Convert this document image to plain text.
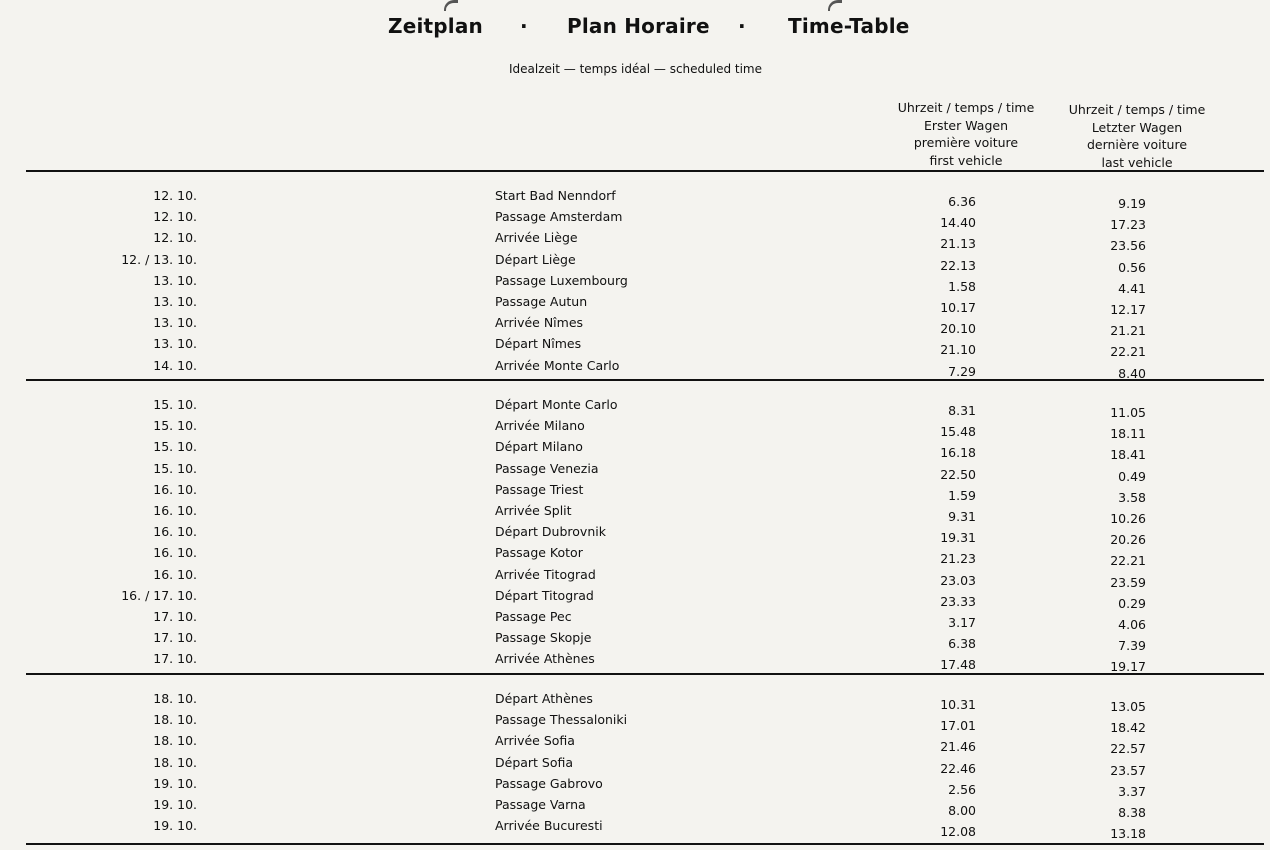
Zeitplan · Plan Horaire · Time-Table
Idealzeit — temps idéal — scheduled time
Uhrzeit / temps / time
Erster Wagen
première voiture
first vehicle
Uhrzeit / temps / time
Letzter Wagen
dernière voiture
last vehicle
12. 10.	Start Bad Nenndorf	6.36	9.19
12. 10.	Passage Amsterdam	14.40	17.23
12. 10.	Arrivée Liège	21.13	23.56
12. / 13. 10.	Départ Liège	22.13	0.56
13. 10.	Passage Luxembourg	1.58	4.41
13. 10.	Passage Autun	10.17	12.17
13. 10.	Arrivée Nîmes	20.10	21.21
13. 10.	Départ Nîmes	21.10	22.21
14. 10.	Arrivée Monte Carlo	7.29	8.40
15. 10.	Départ Monte Carlo	8.31	11.05
15. 10.	Arrivée Milano	15.48	18.11
15. 10.	Départ Milano	16.18	18.41
15. 10.	Passage Venezia	22.50	0.49
16. 10.	Passage Triest	1.59	3.58
16. 10.	Arrivée Split	9.31	10.26
16. 10.	Départ Dubrovnik	19.31	20.26
16. 10.	Passage Kotor	21.23	22.21
16. 10.	Arrivée Titograd	23.03	23.59
16. / 17. 10.	Départ Titograd	23.33	0.29
17. 10.	Passage Pec	3.17	4.06
17. 10.	Passage Skopje	6.38	7.39
17. 10.	Arrivée Athènes	17.48	19.17
18. 10.	Départ Athènes	10.31	13.05
18. 10.	Passage Thessaloniki	17.01	18.42
18. 10.	Arrivée Sofia	21.46	22.57
18. 10.	Départ Sofia	22.46	23.57
19. 10.	Passage Gabrovo	2.56	3.37
19. 10.	Passage Varna	8.00	8.38
19. 10.	Arrivée Bucuresti	12.08	13.18
